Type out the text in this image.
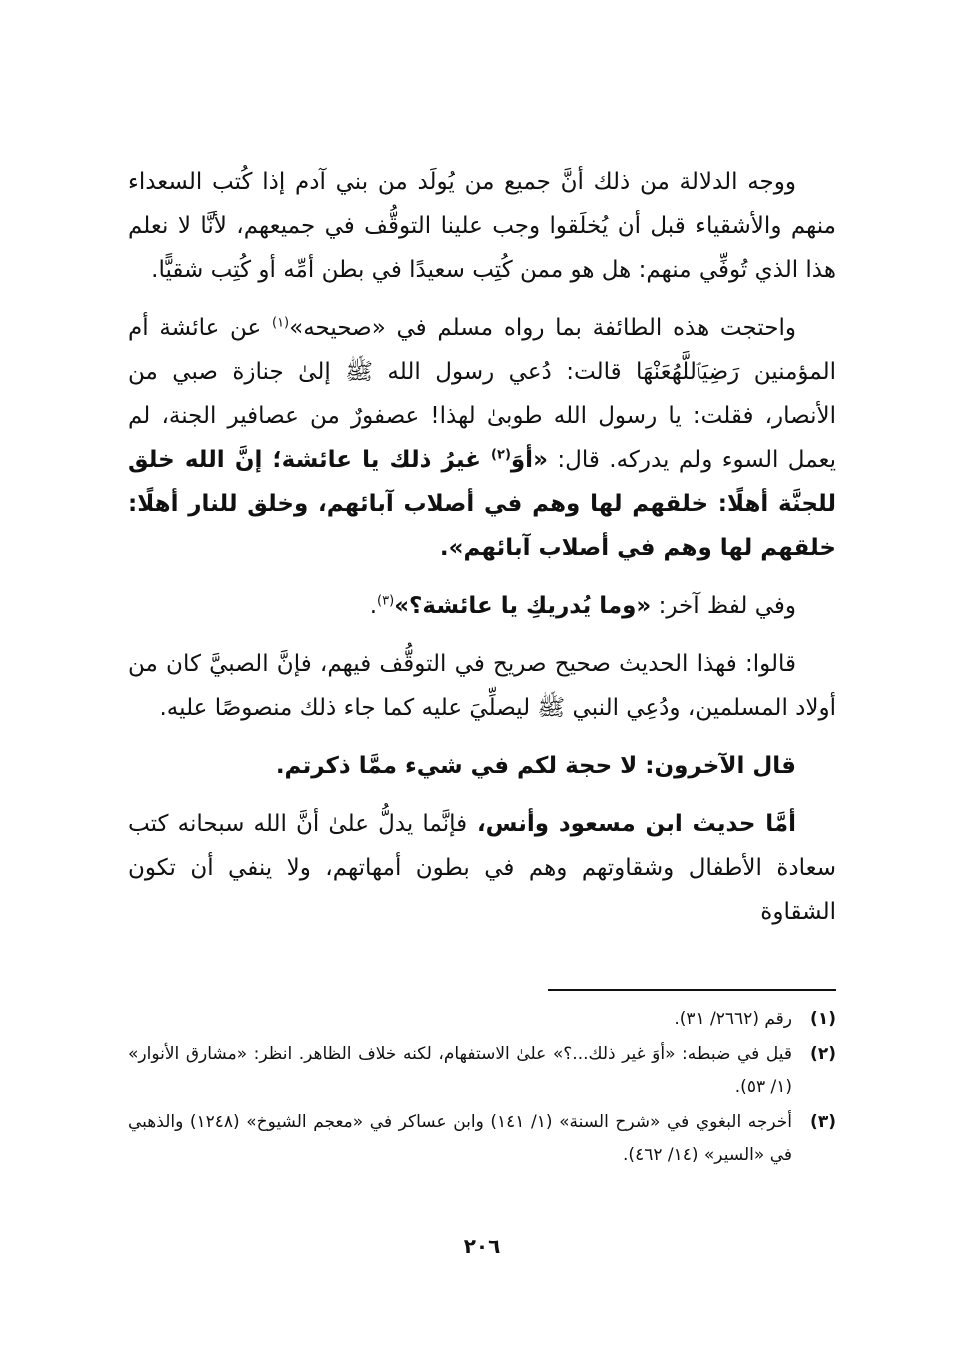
ووجه الدلالة من ذلك أنَّ جميع من يُولَد من بني آدم إذا كُتب السعداء منهم والأشقياء قبل أن يُخلَقوا وجب علينا التوقُّف في جميعهم، لأنَّا لا نعلم هذا الذي تُوفِّي منهم: هل هو ممن كُتِب سعيدًا في بطن أمِّه أو كُتِب شقيًّا.

واحتجت هذه الطائفة بما رواه مسلم في «صحيحه»$^{(١)}$ عن عائشة أم المؤمنين رَضِيَٱللَّهُعَنْهَا قالت: دُعي رسول الله ﷺ إلىٰ جنازة صبي من الأنصار، فقلت: يا رسول الله طوبىٰ لهذا! عصفورٌ من عصافير الجنة، لم يعمل السوء ولم يدركه. قال: «أوَ$^{(٢)}$ غيرُ ذلك يا عائشة؛ إنَّ الله خلق للجنَّة أهلًا: خلقهم لها وهم في أصلاب آبائهم، وخلق للنار أهلًا: خلقهم لها وهم في أصلاب آبائهم».

وفي لفظ آخر: «وما يُدريكِ يا عائشة؟»$^{(٣)}$.

قالوا: فهذا الحديث صحيح صريح في التوقُّف فيهم، فإنَّ الصبيَّ كان من أولاد المسلمين، ودُعِي النبي ﷺ ليصلِّيَ عليه كما جاء ذلك منصوصًا عليه.

قال الآخرون: لا حجة لكم في شيء ممَّا ذكرتم.

أمَّا حديث ابن مسعود وأنس، فإنَّما يدلُّ علىٰ أنَّ الله سبحانه كتب سعادة الأطفال وشقاوتهم وهم في بطون أمهاتهم، ولا ينفي أن تكون الشقاوة

(١)
رقم (٢٦٦٢/ ٣١).
(٢)
قيل في ضبطه: «أوَ غير ذلك...؟» علىٰ الاستفهام، لكنه خلاف الظاهر. انظر: «مشارق الأنوار» (١/ ٥٣).
(٣)
أخرجه البغوي في «شرح السنة» (١/ ١٤١) وابن عساكر في «معجم الشيوخ» (١٢٤٨) والذهبي في «السير» (١٤/ ٤٦٢).
٢٠٦
